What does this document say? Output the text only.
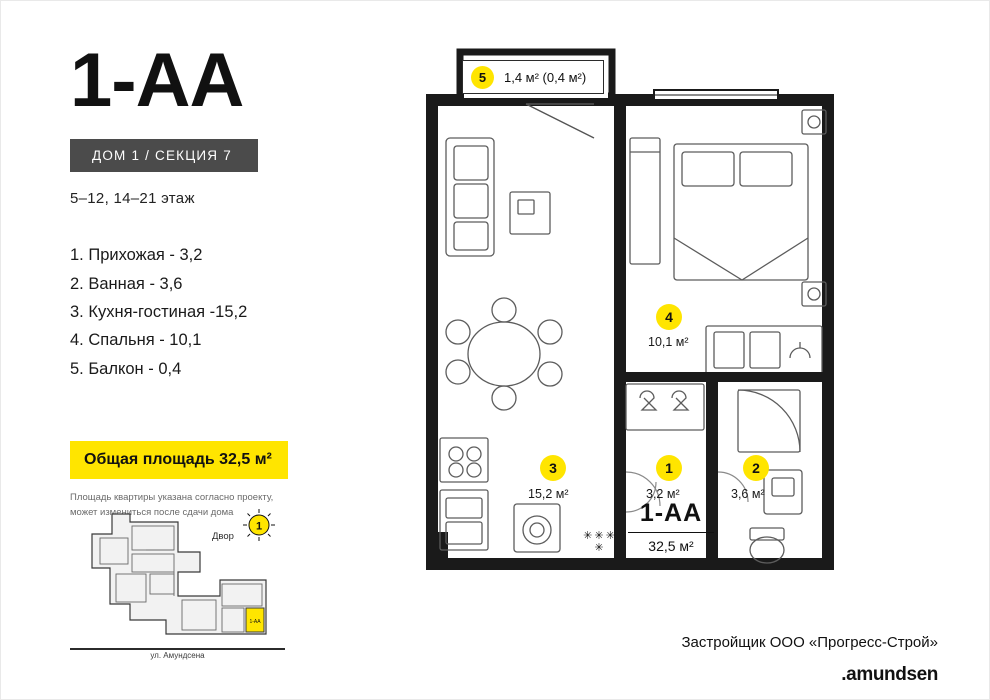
1-АА
ДОМ 1 / СЕКЦИЯ 7
5–12, 14–21 этаж
1. Прихожая - 3,2
2. Ванная - 3,6
3. Кухня-гостиная -15,2
4. Спальня - 10,1
5. Балкон - 0,4
Общая площадь 32,5 м²
Площадь квартиры указана согласно проекту, может измениться после сдачи дома
1-АА
ул. Амундсена
Двор
1
4
10,1 м²
3
15,2 м²
1
3,2 м²
2
3,6 м²
5	1,4 м² (0,4 м²)
1-АА
32,5 м²
✳✳✳
✳
Застройщик ООО «Прогресс-Строй»
.amundsen
